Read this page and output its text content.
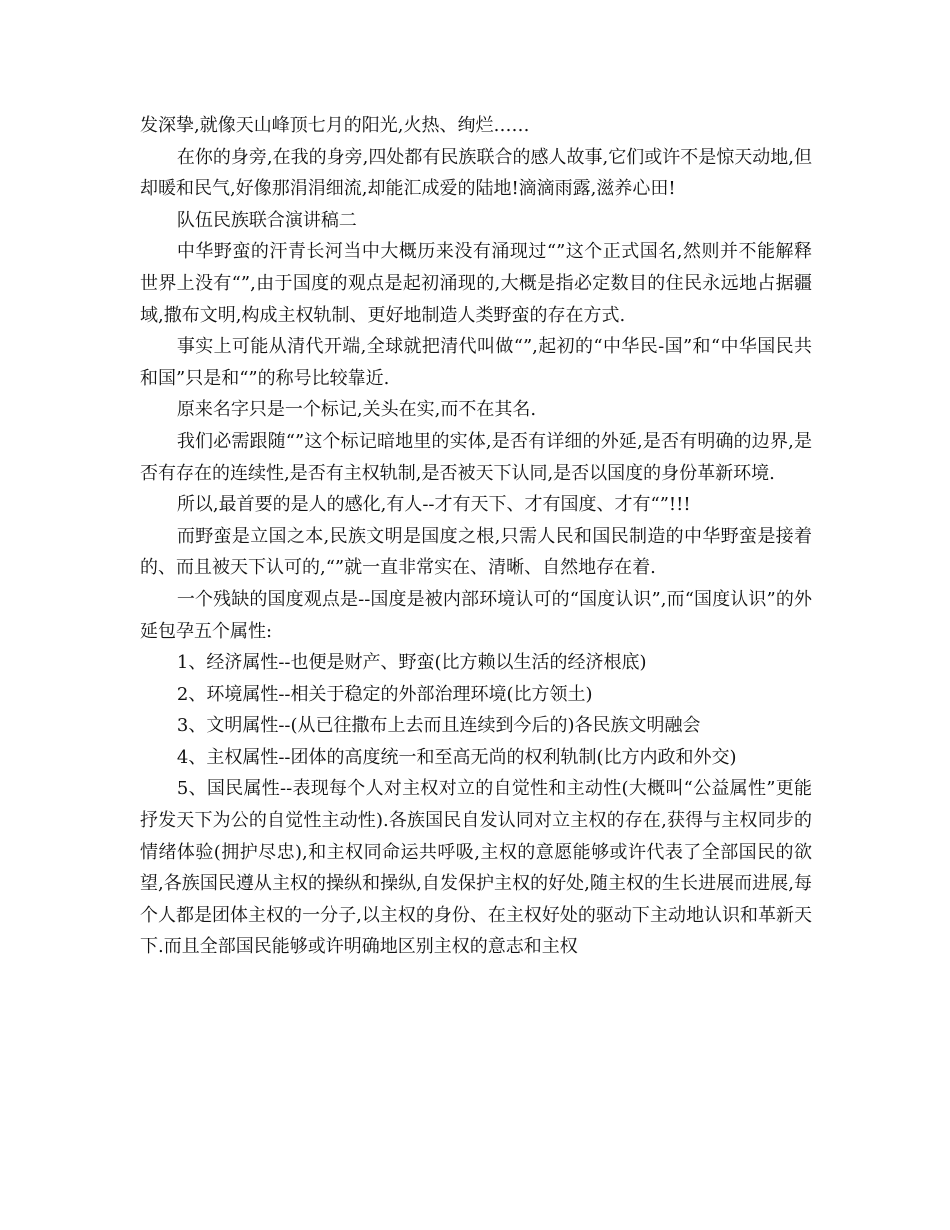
发深挚,就像天山峰顶七月的阳光,火热、绚烂……

在你的身旁,在我的身旁,四处都有民族联合的感人故事,它们或许不是惊天动地,但却暖和民气,好像那涓涓细流,却能汇成爱的陆地!滴滴雨露,滋养心田!

队伍民族联合演讲稿二

中华野蛮的汗青长河当中大概历来没有涌现过“”这个正式国名,然则并不能解释世界上没有“”,由于国度的观点是起初涌现的,大概是指必定数目的住民永远地占据疆域,撒布文明,构成主权轨制、更好地制造人类野蛮的存在方式.

事实上可能从清代开端,全球就把清代叫做“”,起初的“中华民-国”和“中华国民共和国”只是和“”的称号比较靠近.

原来名字只是一个标记,关头在实,而不在其名.

我们必需跟随“”这个标记暗地里的实体,是否有详细的外延,是否有明确的边界,是否有存在的连续性,是否有主权轨制,是否被天下认同,是否以国度的身份革新环境.

所以,最首要的是人的感化,有人--才有天下、才有国度、才有“”!!!

而野蛮是立国之本,民族文明是国度之根,只需人民和国民制造的中华野蛮是接着的、而且被天下认可的,“”就一直非常实在、清晰、自然地存在着.

一个残缺的国度观点是--国度是被内部环境认可的“国度认识”,而“国度认识”的外延包孕五个属性:

1、经济属性--也便是财产、野蛮(比方赖以生活的经济根底)

2、环境属性--相关于稳定的外部治理环境(比方领土)

3、文明属性--(从已往撒布上去而且连续到今后的)各民族文明融会

4、主权属性--团体的高度统一和至高无尚的权利轨制(比方内政和外交)

5、国民属性--表现每个人对主权对立的自觉性和主动性(大概叫“公益属性”更能抒发天下为公的自觉性主动性).各族国民自发认同对立主权的存在,获得与主权同步的情绪体验(拥护尽忠),和主权同命运共呼吸,主权的意愿能够或许代表了全部国民的欲望,各族国民遵从主权的操纵和操纵,自发保护主权的好处,随主权的生长进展而进展,每个人都是团体主权的一分子,以主权的身份、在主权好处的驱动下主动地认识和革新天下.而且全部国民能够或许明确地区别主权的意志和主权
